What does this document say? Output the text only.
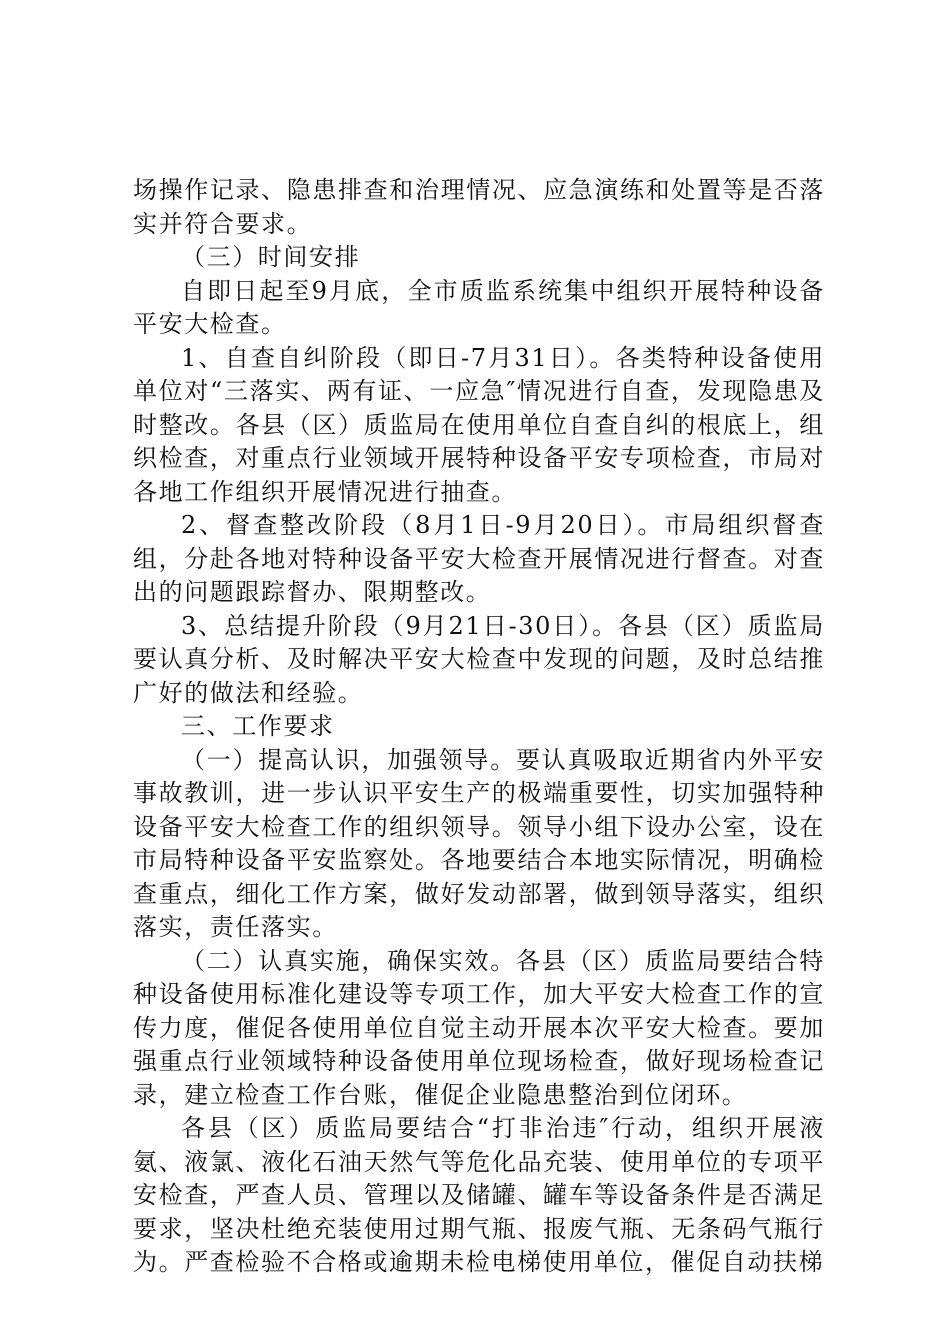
场操作记录、隐患排查和治理情况、应急演练和处置等是否落实并符合要求。

（三）时间安排

自即日起至9月底，全市质监系统集中组织开展特种设备平安大检查。

1、自查自纠阶段（即日-7月31日）。各类特种设备使用单位对“三落实、两有证、一应急″情况进行自查，发现隐患及时整改。各县（区）质监局在使用单位自查自纠的根底上，组织检查，对重点行业领域开展特种设备平安专项检查，市局对各地工作组织开展情况进行抽查。

2、督查整改阶段（8月1日-9月20日）。市局组织督查组，分赴各地对特种设备平安大检查开展情况进行督查。对查出的问题跟踪督办、限期整改。

3、总结提升阶段（9月21日-30日）。各县（区）质监局要认真分析、及时解决平安大检查中发现的问题，及时总结推广好的做法和经验。

三、工作要求

（一）提高认识，加强领导。要认真吸取近期省内外平安事故教训，进一步认识平安生产的极端重要性，切实加强特种设备平安大检查工作的组织领导。领导小组下设办公室，设在市局特种设备平安监察处。各地要结合本地实际情况，明确检查重点，细化工作方案，做好发动部署，做到领导落实，组织落实，责任落实。

（二）认真实施，确保实效。各县（区）质监局要结合特种设备使用标准化建设等专项工作，加大平安大检查工作的宣传力度，催促各使用单位自觉主动开展本次平安大检查。要加强重点行业领域特种设备使用单位现场检查，做好现场检查记录，建立检查工作台账，催促企业隐患整治到位闭环。

各县（区）质监局要结合“打非治违″行动，组织开展液氨、液氯、液化石油天然气等危化品充装、使用单位的专项平安检查，严查人员、管理以及储罐、罐车等设备条件是否满足要求，坚决杜绝充装使用过期气瓶、报废气瓶、无条码气瓶行为。严查检验不合格或逾期未检电梯使用单位，催促自动扶梯
